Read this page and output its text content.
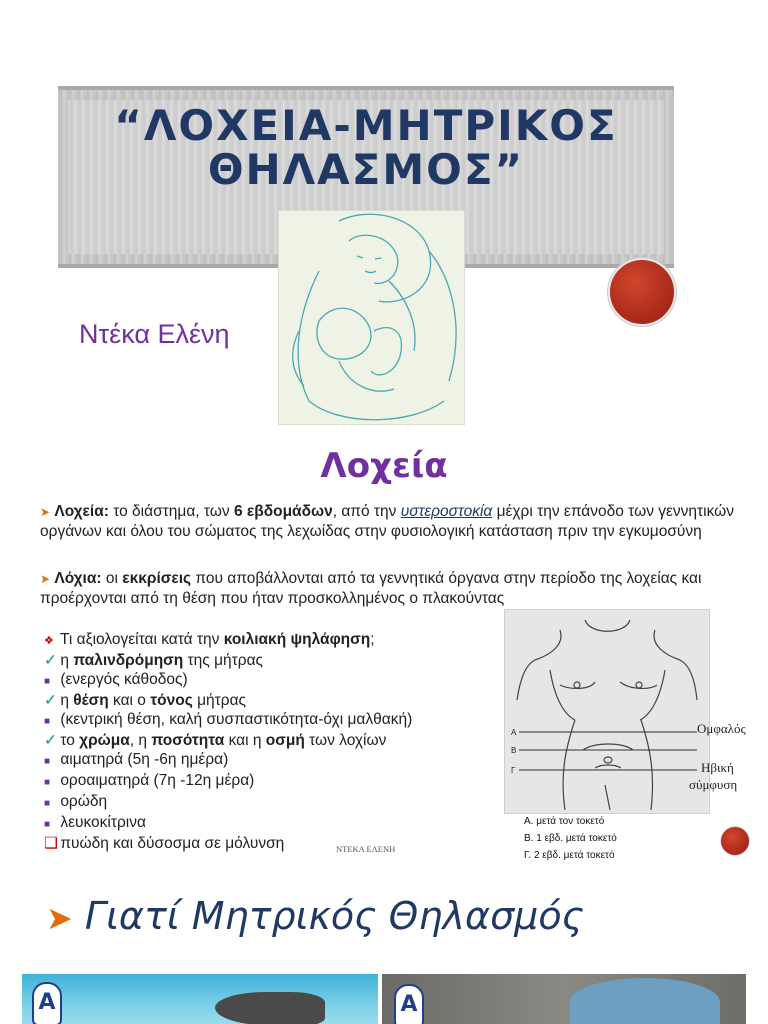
“ΛΟΧΕΙΑ-ΜΗΤΡΙΚΟΣ
ΘΗΛΑΣΜΟΣ”
Ντέκα Ελένη
Λοχεία
➤ Λοχεία: το διάστημα, των 6 εβδομάδων, από την υστεροστοκία μέχρι την επάνοδο των γεννητικών οργάνων και όλου του σώματος της λεχωίδας στην φυσιολογική κατάσταση πριν την εγκυμοσύνη
➤ Λόχια: οι εκκρίσεις που αποβάλλονται από τα γεννητικά όργανα στην περίοδο της λοχείας και προέρχονται από τη θέση που ήταν προσκολλημένος ο πλακούντας
❖ Τι αξιολογείται κατά την κοιλιακή ψηλάφηση;
✓ η παλινδρόμηση της μήτρας
■ (ενεργός κάθοδος)
✓ η θέση και ο τόνος μήτρας
■ (κεντρική θέση, καλή συσπαστικότητα-όχι μαλθακή)
✓ το χρώμα, η ποσότητα και η οσμή των λοχίων
■ αιματηρά (5η -6η ημέρα)
■ οροαιματηρά (7η -12η μέρα)
■ ορώδη
■ λευκοκίτρινα
❑ πυώδη και δύσοσμα σε μόλυνση	ΝΤΕΚΑ ΕΛΕΝΗ
Α
Β
Γ
Ομφαλός
Ηβική
σύμφυση
Α. μετά τον τοκετό
Β. 1 εβδ. μετά τοκετό
Γ. 2 εβδ. μετά τοκετό
➤ Γιατί Μητρικός Θηλασμός
A	A
